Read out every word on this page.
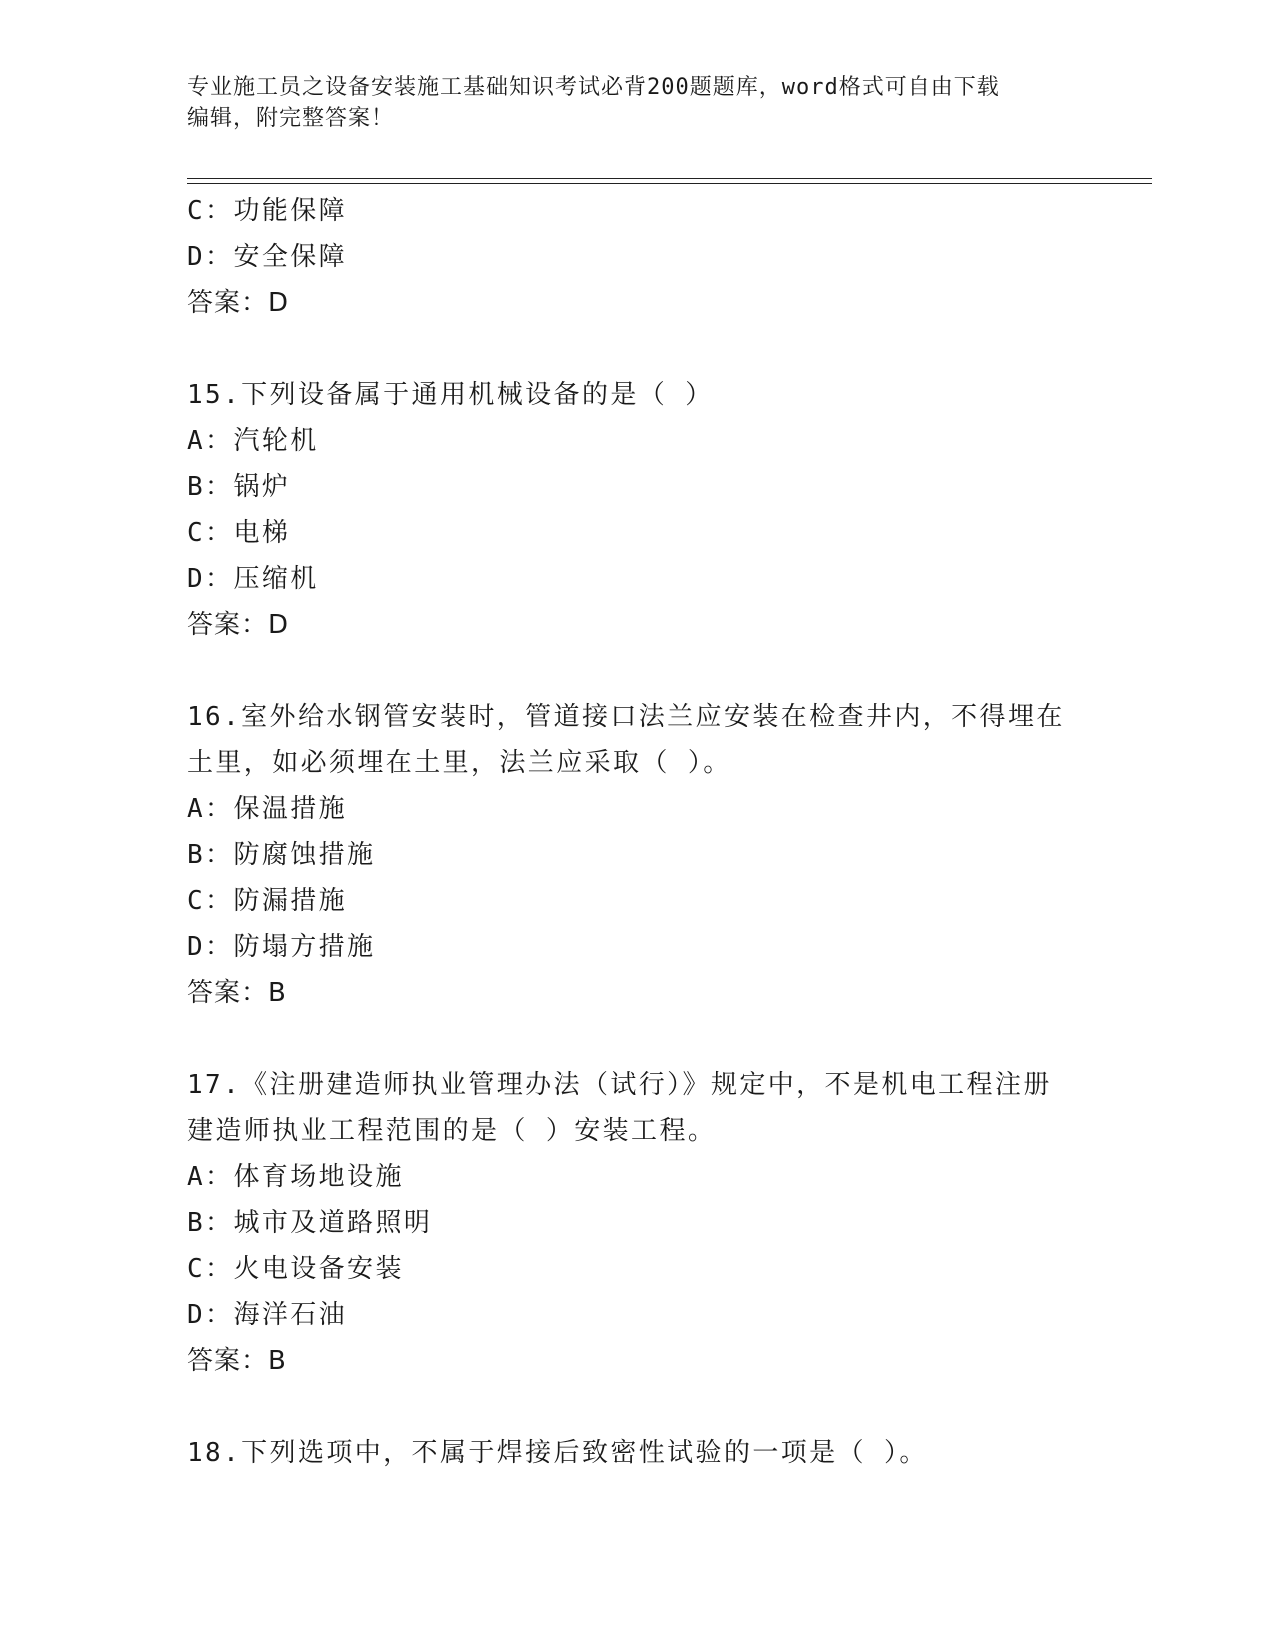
专业施工员之设备安装施工基础知识考试必背200题题库，word格式可自由下载

编辑，附完整答案！

C：功能保障
D：安全保障
答案：D
15.下列设备属于通用机械设备的是（ ）
A：汽轮机
B：锅炉
C：电梯
D：压缩机
答案：D
16.室外给水钢管安装时，管道接口法兰应安装在检查井内，不得埋在
土里，如必须埋在土里，法兰应采取（ ）。
A：保温措施
B：防腐蚀措施
C：防漏措施
D：防塌方措施
答案：B
17.《注册建造师执业管理办法（试行）》规定中，不是机电工程注册
建造师执业工程范围的是（ ）安装工程。
A：体育场地设施
B：城市及道路照明
C：火电设备安装
D：海洋石油
答案：B
18.下列选项中，不属于焊接后致密性试验的一项是（ ）。
